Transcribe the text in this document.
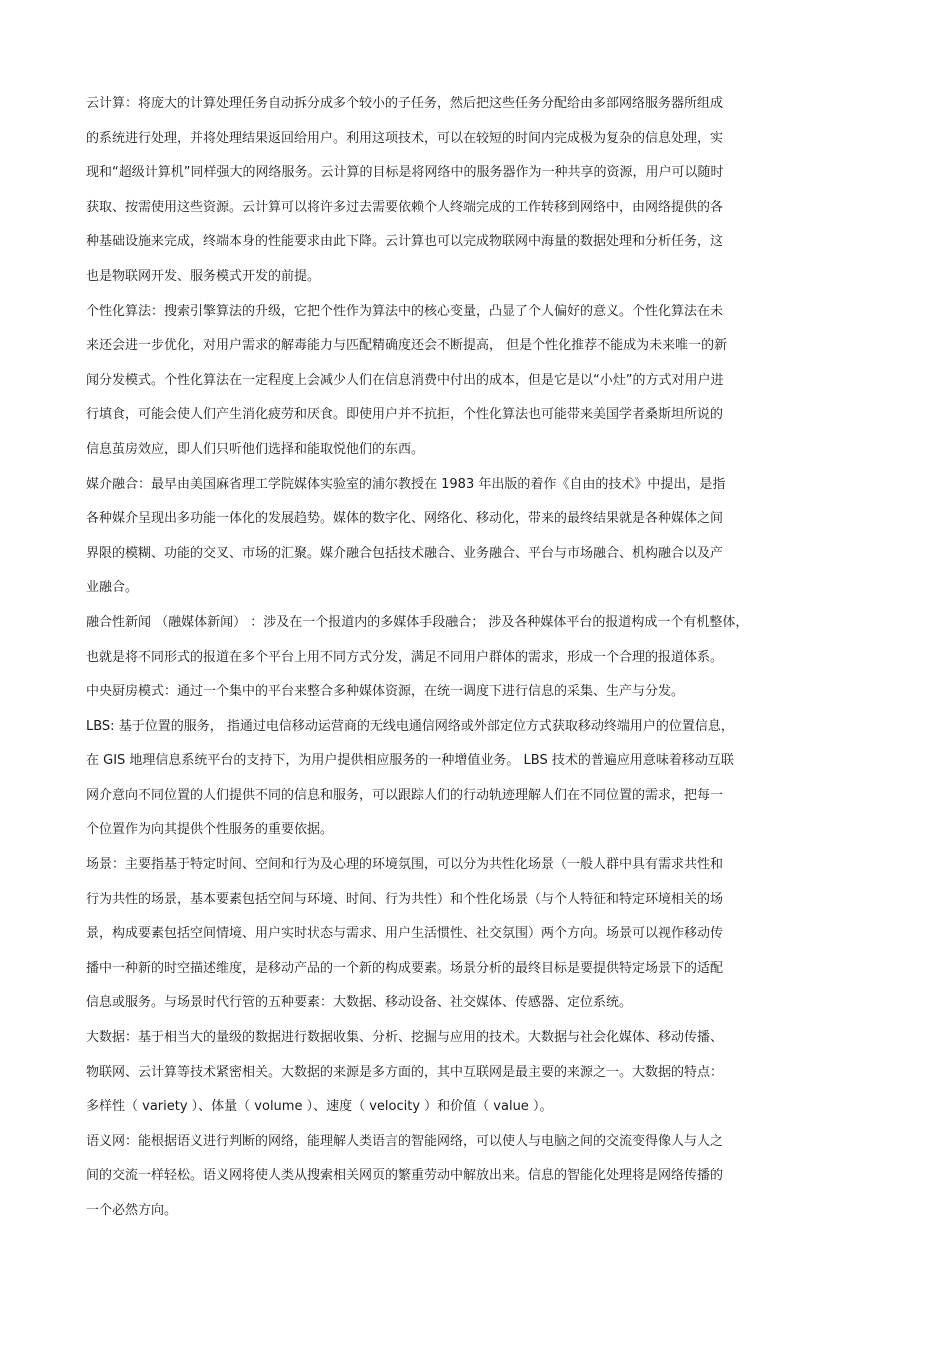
云计算：将庞大的计算处理任务自动拆分成多个较小的子任务，然后把这些任务分配给由多部网络服务器所组成
的系统进行处理，并将处理结果返回给用户。利用这项技术，可以在较短的时间内完成极为复杂的信息处理，实
现和“超级计算机”同样强大的网络服务。云计算的目标是将网络中的服务器作为一种共享的资源，用户可以随时
获取、按需使用这些资源。云计算可以将许多过去需要依赖个人终端完成的工作转移到网络中，由网络提供的各
种基础设施来完成，终端本身的性能要求由此下降。云计算也可以完成物联网中海量的数据处理和分析任务，这
也是物联网开发、服务模式开发的前提。
个性化算法：搜索引擎算法的升级，它把个性作为算法中的核心变量，凸显了个人偏好的意义。个性化算法在未
来还会进一步优化，对用户需求的解毒能力与匹配精确度还会不断提高， 但是个性化推荐不能成为未来唯一的新
闻分发模式。个性化算法在一定程度上会减少人们在信息消费中付出的成本，但是它是以“小灶”的方式对用户进
行填食，可能会使人们产生消化疲劳和厌食。即使用户并不抗拒，个性化算法也可能带来美国学者桑斯坦所说的
信息茧房效应，即人们只听他们选择和能取悦他们的东西。
媒介融合：最早由美国麻省理工学院媒体实验室的浦尔教授在 1983 年出版的着作《自由的技术》中提出，是指
各种媒介呈现出多功能一体化的发展趋势。媒体的数字化、网络化、移动化，带来的最终结果就是各种媒体之间
界限的模糊、功能的交叉、市场的汇聚。媒介融合包括技术融合、业务融合、平台与市场融合、机构融合以及产
业融合。
融合性新闻 （融媒体新闻） ：涉及在一个报道内的多媒体手段融合； 涉及各种媒体平台的报道构成一个有机整体，
也就是将不同形式的报道在多个平台上用不同方式分发，满足不同用户群体的需求，形成一个合理的报道体系。
中央厨房模式：通过一个集中的平台来整合多种媒体资源，在统一调度下进行信息的采集、生产与分发。
LBS: 基于位置的服务， 指通过电信移动运营商的无线电通信网络或外部定位方式获取移动终端用户的位置信息，
在 GIS 地理信息系统平台的支持下，为用户提供相应服务的一种增值业务。 LBS 技术的普遍应用意味着移动互联
网介意向不同位置的人们提供不同的信息和服务，可以跟踪人们的行动轨迹理解人们在不同位置的需求，把每一
个位置作为向其提供个性服务的重要依据。
场景：主要指基于特定时间、空间和行为及心理的环境氛围，可以分为共性化场景（一般人群中具有需求共性和
行为共性的场景，基本要素包括空间与环境、时间、行为共性）和个性化场景（与个人特征和特定环境相关的场
景，构成要素包括空间情境、用户实时状态与需求、用户生活惯性、社交氛围）两个方向。场景可以视作移动传
播中一种新的时空描述维度，是移动产品的一个新的构成要素。场景分析的最终目标是要提供特定场景下的适配
信息或服务。与场景时代行管的五种要素：大数据、移动设备、社交媒体、传感器、定位系统。
大数据：基于相当大的量级的数据进行数据收集、分析、挖掘与应用的技术。大数据与社会化媒体、移动传播、
物联网、云计算等技术紧密相关。大数据的来源是多方面的，其中互联网是最主要的来源之一。大数据的特点：
多样性（ variety ）、体量（ volume ）、速度（ velocity ）和价值（ value ）。
语义网：能根据语义进行判断的网络，能理解人类语言的智能网络，可以使人与电脑之间的交流变得像人与人之
间的交流一样轻松。语义网将使人类从搜索相关网页的繁重劳动中解放出来。信息的智能化处理将是网络传播的
一个必然方向。
